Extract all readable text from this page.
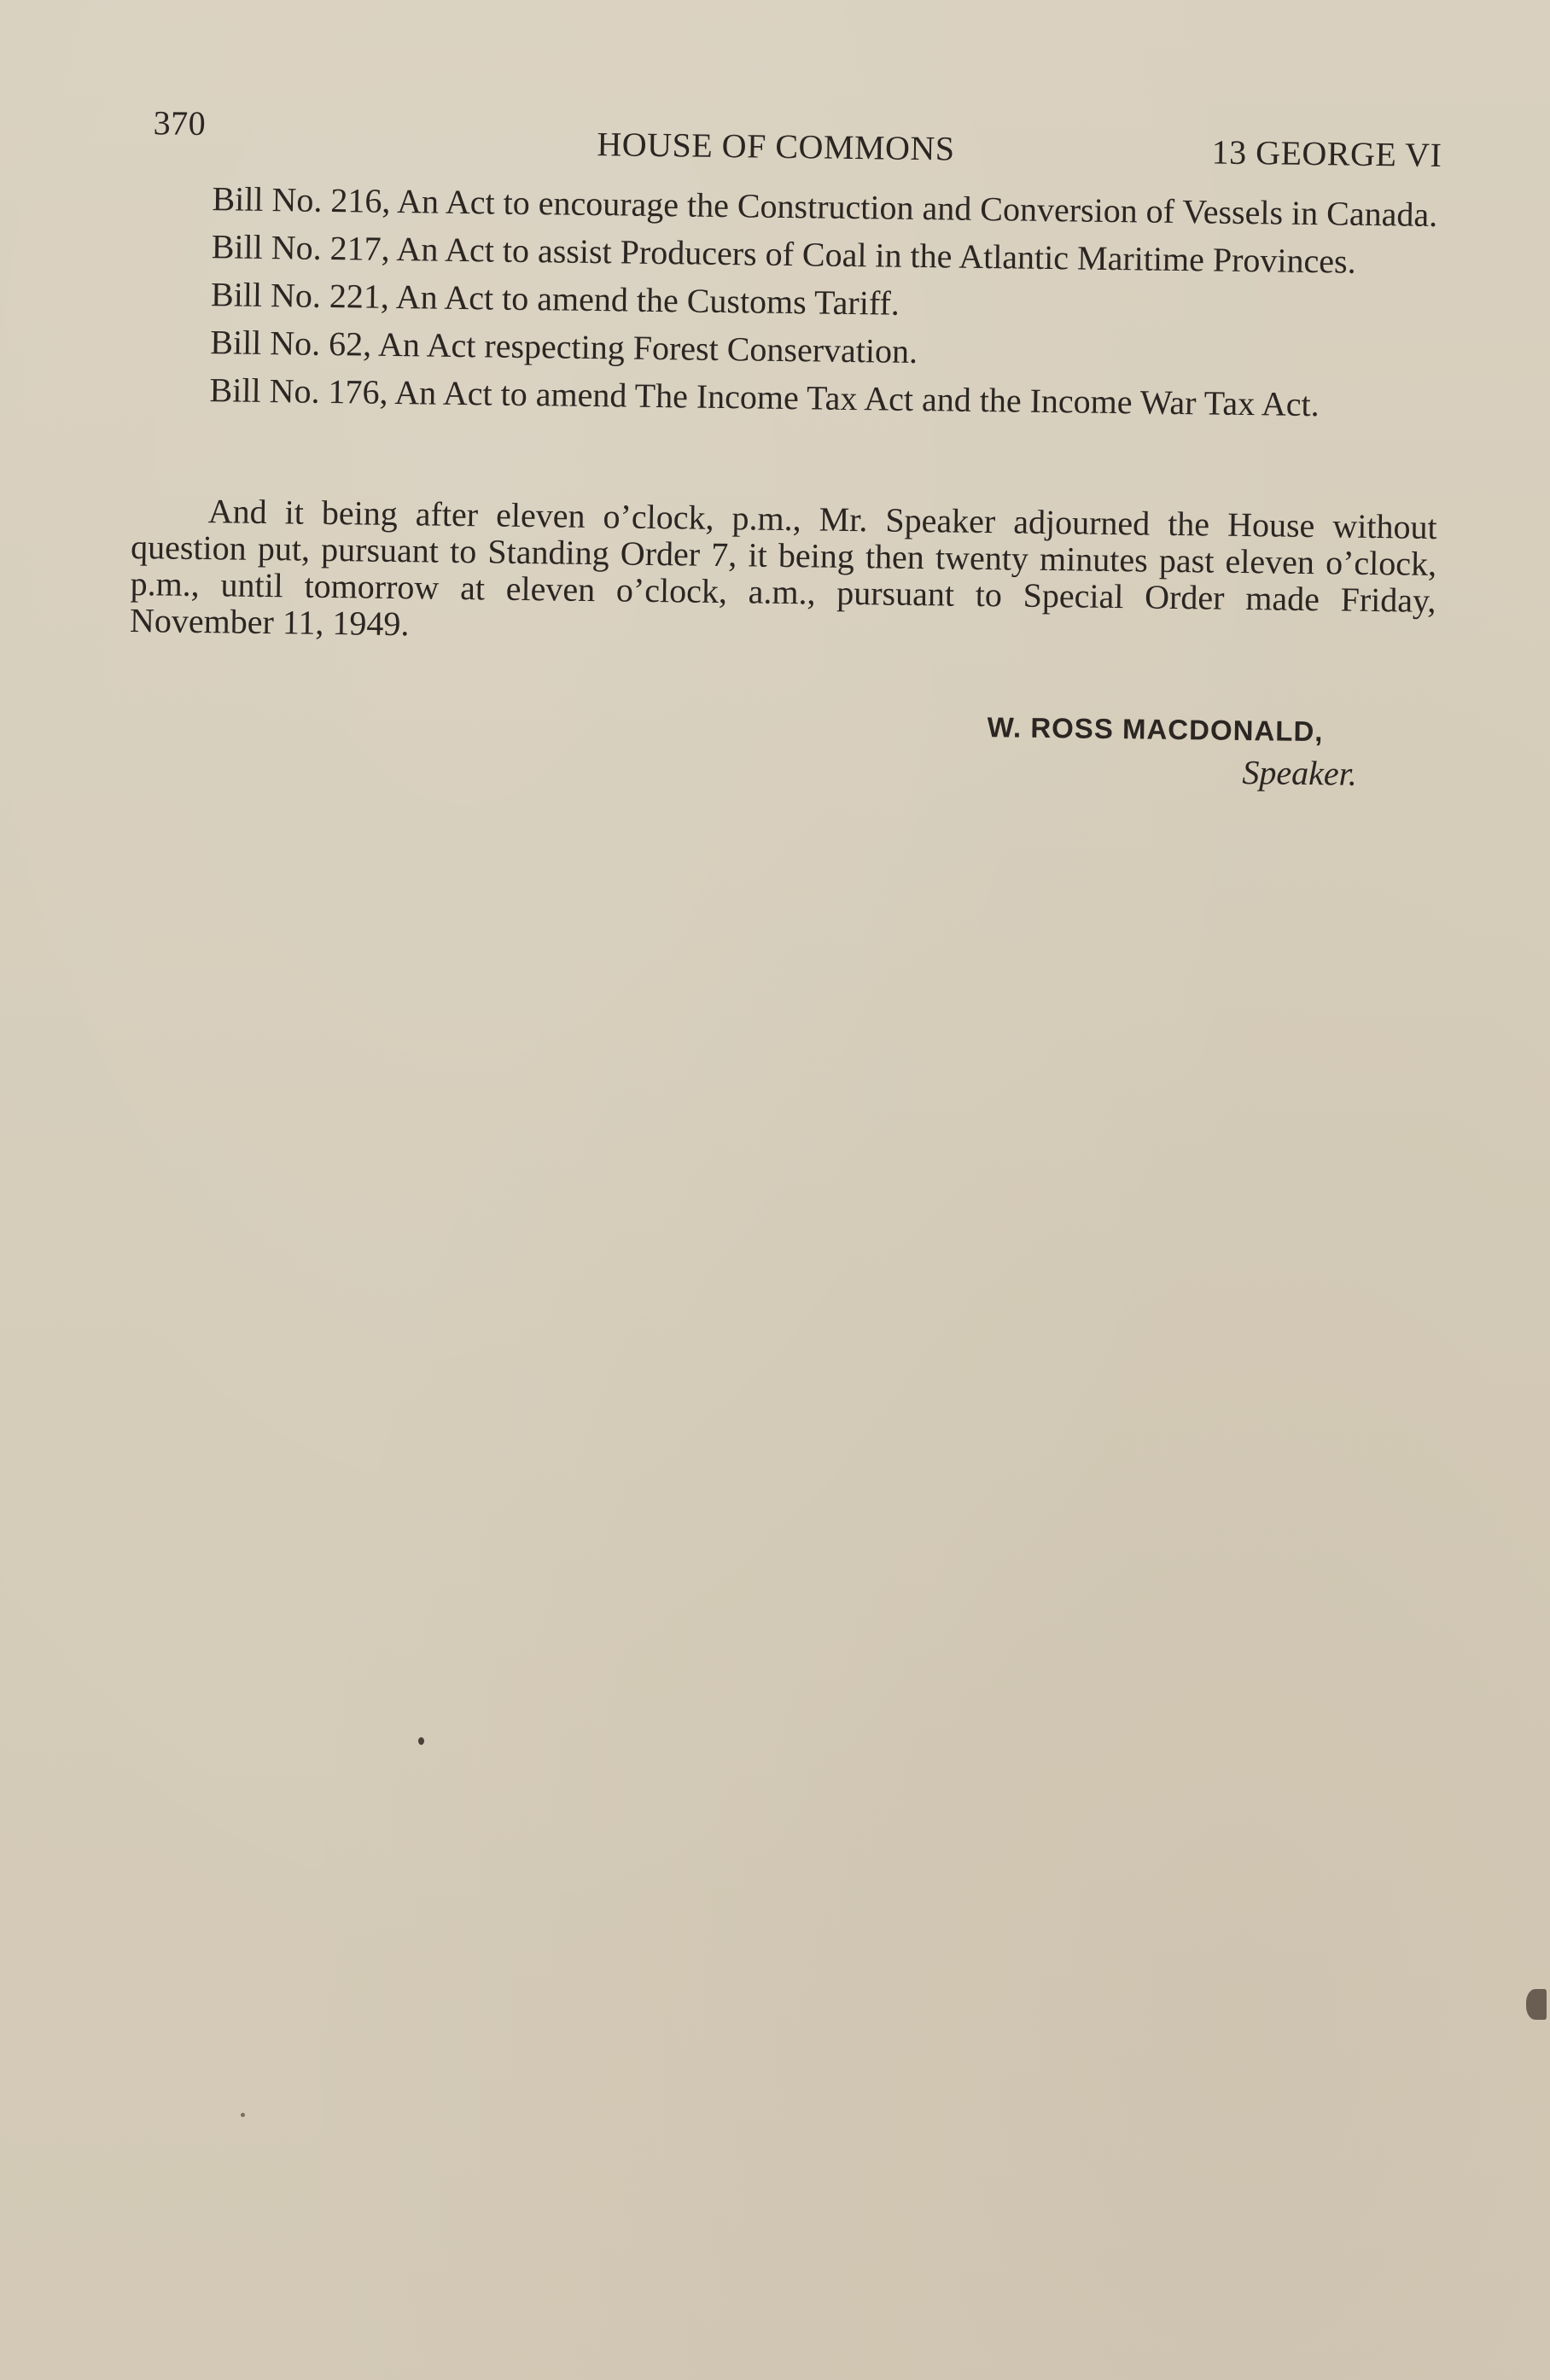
370
HOUSE OF COMMONS	13 GEORGE VI
Bill No. 216, An Act to encourage the Construction and Conversion of Vessels in Canada.
Bill No. 217, An Act to assist Producers of Coal in the Atlantic Maritime Provinces.
Bill No. 221, An Act to amend the Customs Tariff.
Bill No. 62, An Act respecting Forest Conservation.
Bill No. 176, An Act to amend The Income Tax Act and the Income War Tax Act.

And it being after eleven o’clock, p.m., Mr. Speaker adjourned the House without question put, pursuant to Standing Order 7, it being then twenty minutes past eleven o’clock, p.m., until tomorrow at eleven o’clock, a.m., pursuant to Special Order made Friday, November 11, 1949.

W. ROSS MACDONALD,
Speaker.
